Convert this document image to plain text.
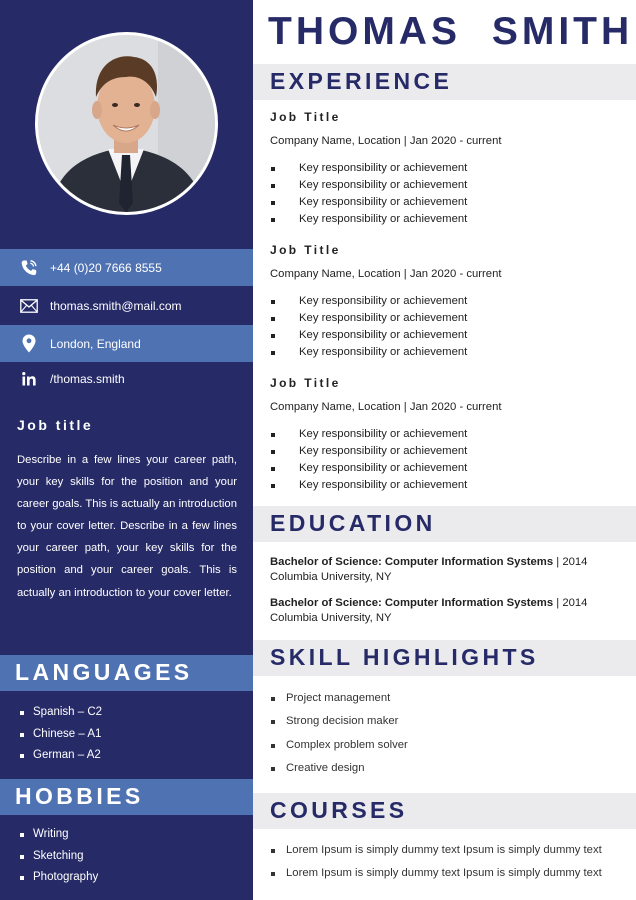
+44 (0)20 7666 8555
thomas.smith@mail.com
London, England
/thomas.smith
Job title

Describe in a few lines your career path, your key skills for the position and your career goals. This is actually an introduction to your cover letter. Describe in a few lines your career path, your key skills for the position and your career goals. This is actually an introduction to your cover letter.

LANGUAGES
Spanish – C2
Chinese – A1
German – A2
HOBBIES
Writing
Sketching
Photography
THOMAS SMITH
EXPERIENCE
Job Title
Company Name, Location | Jan 2020 - current
Key responsibility or achievement
Key responsibility or achievement
Key responsibility or achievement
Key responsibility or achievement
Job Title
Company Name, Location | Jan 2020 - current
Key responsibility or achievement
Key responsibility or achievement
Key responsibility or achievement
Key responsibility or achievement
Job Title
Company Name, Location | Jan 2020 - current
Key responsibility or achievement
Key responsibility or achievement
Key responsibility or achievement
Key responsibility or achievement
EDUCATION
Bachelor of Science: Computer Information Systems | 2014
Columbia University, NY
Bachelor of Science: Computer Information Systems | 2014
Columbia University, NY
SKILL HIGHLIGHTS
Project management
Strong decision maker
Complex problem solver
Creative design
COURSES
Lorem Ipsum is simply dummy text Ipsum is simply dummy text
Lorem Ipsum is simply dummy text Ipsum is simply dummy text
